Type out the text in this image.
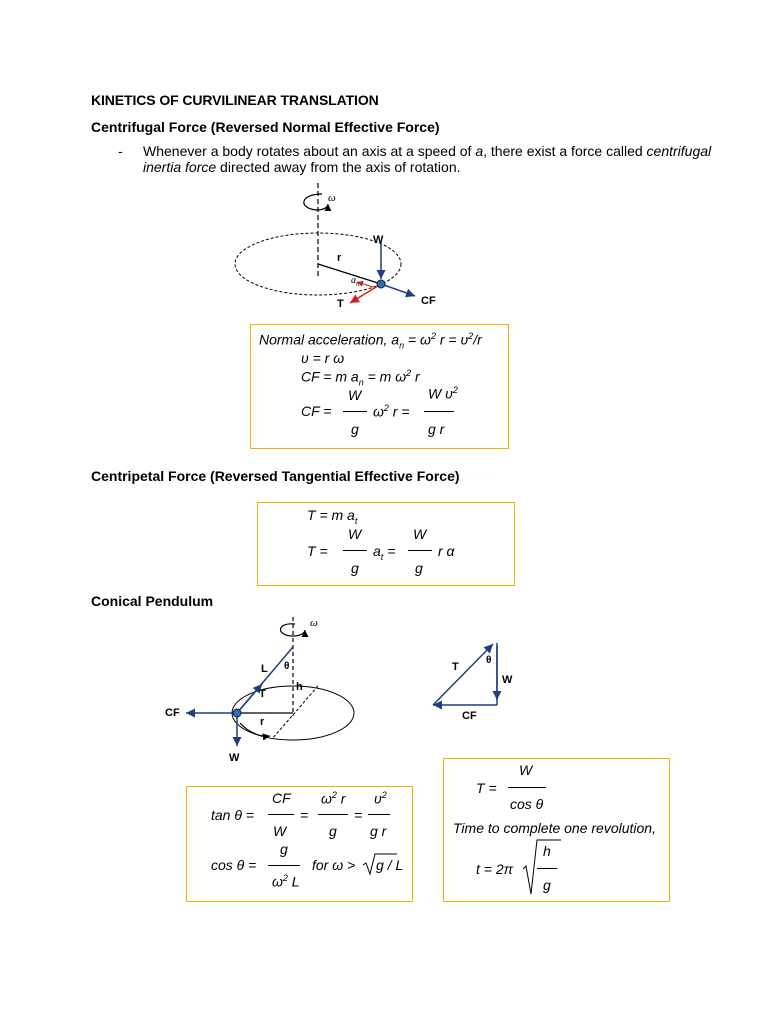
KINETICS OF CURVILINEAR TRANSLATION
Centrifugal Force (Reversed Normal Effective Force)
- Whenever a body rotates about an axis at a speed of a, there exist a force called centrifugal
inertia force directed away from the axis of rotation.
ω
W
r
$a_n$
T	CF
Normal acceleration, $a_n = \omega^2$ $r = \upsilon^2/r$
υ = r ω
CF = m $a_n = m$ $\omega^2$ r
CF =
W
g
$\omega^2$ r =
W $\upsilon^2$
g r
Centripetal Force (Reversed Tangential Effective Force)
T = m $a_t$
T =
W
g
$a_t$ =
W
g
r α
Conical Pendulum
ω
L θ
T
h
r
CF
W
T
θ
W
CF
tan θ =
CF
W
=
$\omega^2$ r
g
=
$\upsilon^2$
g r
cos θ =
g
$\omega^2$ L
for ω > g / L
T =
W
cos θ
Time to complete one revolution,
t = 2π
h
g
